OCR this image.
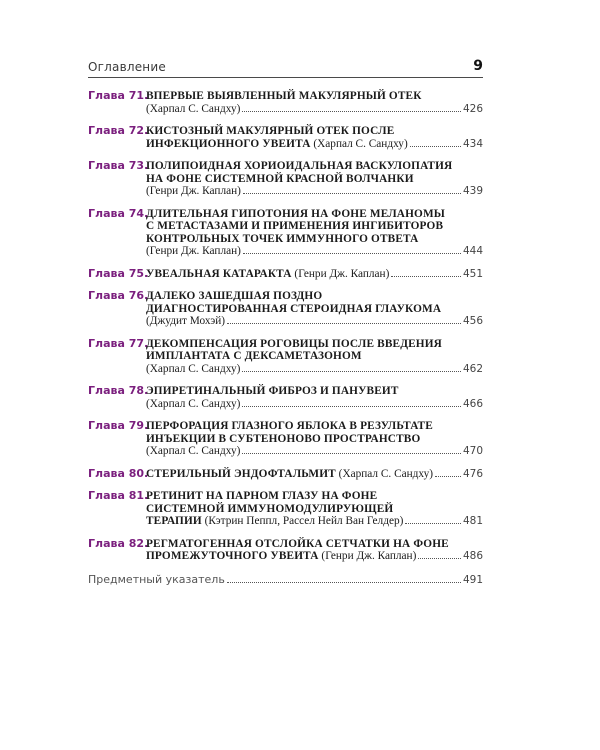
Оглавление	9
Глава 71.
ВПЕРВЫЕ ВЫЯВЛЕННЫЙ МАКУЛЯРНЫЙ ОТЕК
(Харпал С. Сандху)	426
Глава 72.
КИСТОЗНЫЙ МАКУЛЯРНЫЙ ОТЕК ПОСЛЕ
ИНФЕКЦИОННОГО УВЕИТА (Харпал С. Сандху)	434
Глава 73.
ПОЛИПОИДНАЯ ХОРИОИДАЛЬНАЯ ВАСКУЛОПАТИЯ
НА ФОНЕ СИСТЕМНОЙ КРАСНОЙ ВОЛЧАНКИ
(Генри Дж. Каплан)	439
Глава 74.
ДЛИТЕЛЬНАЯ ГИПОТОНИЯ НА ФОНЕ МЕЛАНОМЫ
С МЕТАСТАЗАМИ И ПРИМЕНЕНИЯ ИНГИБИТОРОВ
КОНТРОЛЬНЫХ ТОЧЕК ИММУННОГО ОТВЕТА
(Генри Дж. Каплан)	444
Глава 75.
УВЕАЛЬНАЯ КАТАРАКТА (Генри Дж. Каплан)	451
Глава 76.
ДАЛЕКО ЗАШЕДШАЯ ПОЗДНО
ДИАГНОСТИРОВАННАЯ СТЕРОИДНАЯ ГЛАУКОМА
(Джудит Мохэй)	456
Глава 77.
ДЕКОМПЕНСАЦИЯ РОГОВИЦЫ ПОСЛЕ ВВЕДЕНИЯ
ИМПЛАНТАТА С ДЕКСАМЕТАЗОНОМ
(Харпал С. Сандху)	462
Глава 78.
ЭПИРЕТИНАЛЬНЫЙ ФИБРОЗ И ПАНУВЕИТ
(Харпал С. Сандху)	466
Глава 79.
ПЕРФОРАЦИЯ ГЛАЗНОГО ЯБЛОКА В РЕЗУЛЬТАТЕ
ИНЪЕКЦИИ В СУБТЕНОНОВО ПРОСТРАНСТВО
(Харпал С. Сандху)	470
Глава 80.
СТЕРИЛЬНЫЙ ЭНДОФТАЛЬМИТ (Харпал С. Сандху)	476
Глава 81.
РЕТИНИТ НА ПАРНОМ ГЛАЗУ НА ФОНЕ
СИСТЕМНОЙ ИММУНОМОДУЛИРУЮЩЕЙ
ТЕРАПИИ (Кэтрин Пеппл, Рассел Нейл Ван Гелдер)	481
Глава 82.
РЕГМАТОГЕННАЯ ОТСЛОЙКА СЕТЧАТКИ НА ФОНЕ
ПРОМЕЖУТОЧНОГО УВЕИТА (Генри Дж. Каплан)	486
Предметный указатель	491
